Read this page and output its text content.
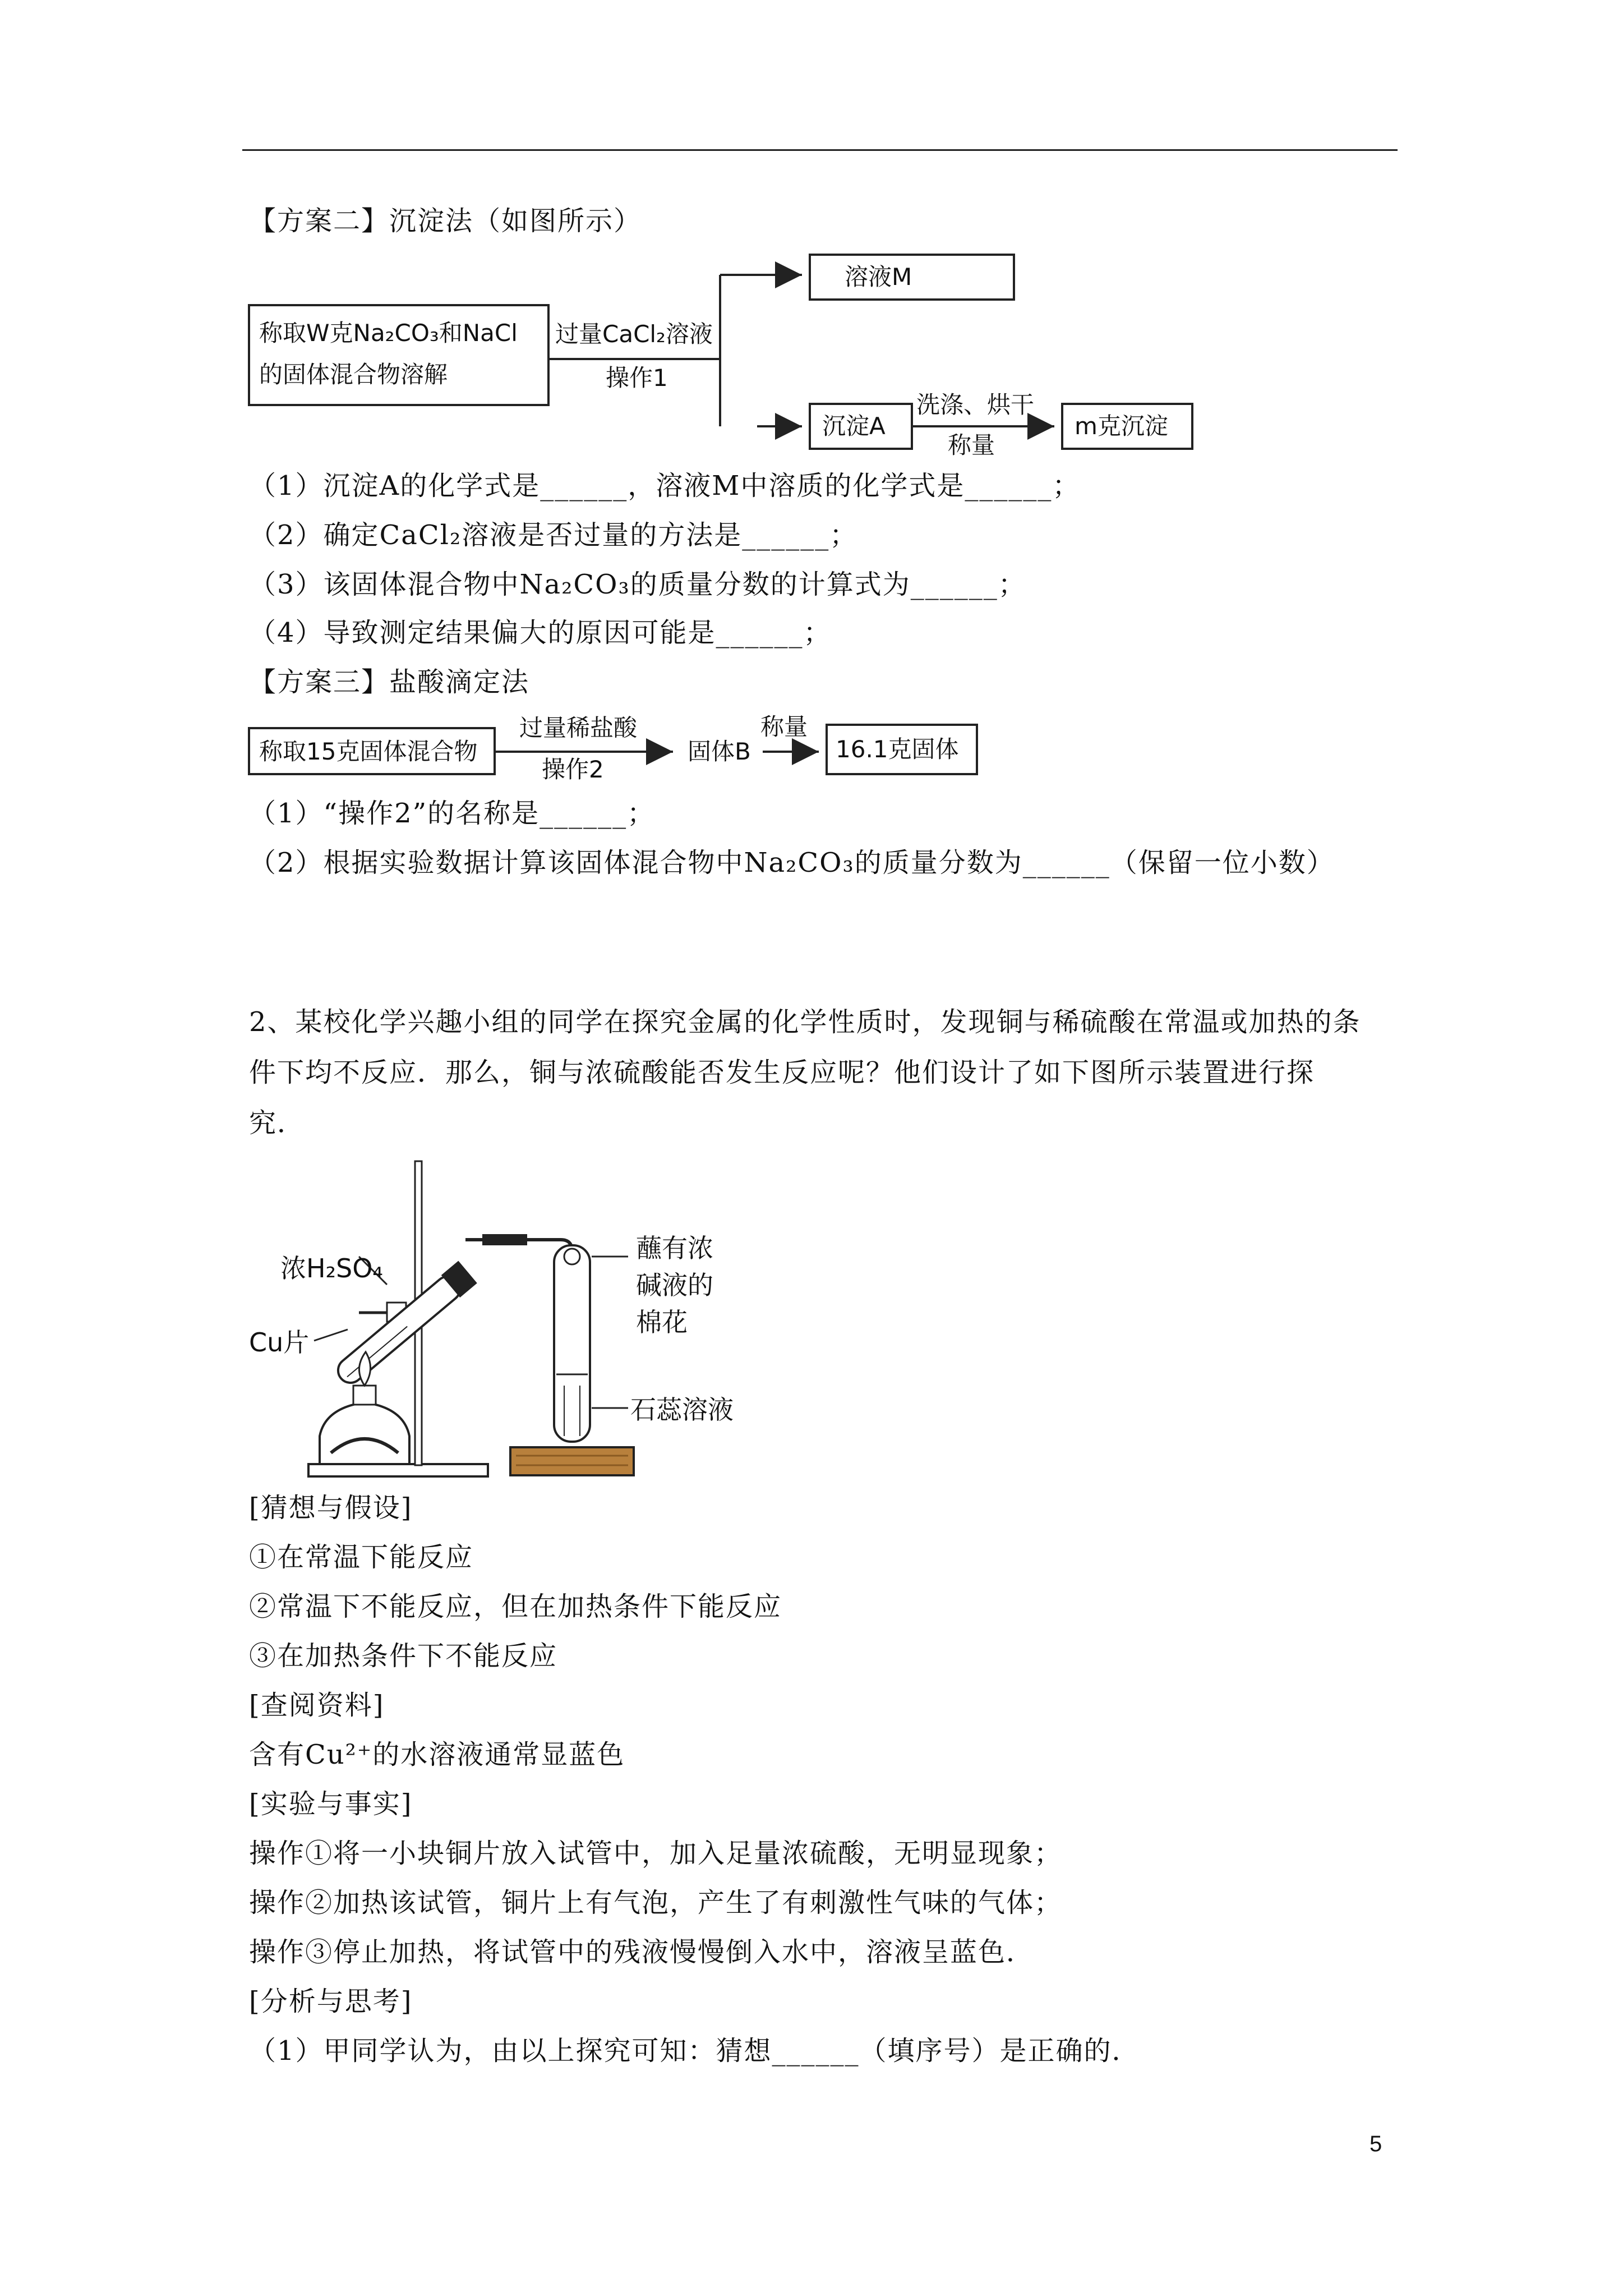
【方案二】沉淀法（如图所示）
称取W克Na₂CO₃和NaCl
的固体混合物溶解
过量CaCl₂溶液
操作1
溶液M
沉淀A
洗涤、烘干
称量
m克沉淀
（1）沉淀A的化学式是______，溶液M中溶质的化学式是______；
（2）确定CaCl₂溶液是否过量的方法是______；
（3）该固体混合物中Na₂CO₃的质量分数的计算式为______；
（4）导致测定结果偏大的原因可能是______；
【方案三】盐酸滴定法
称取15克固体混合物
过量稀盐酸
操作2
固体B
称量
16.1克固体
（1）“操作2”的名称是______；
（2）根据实验数据计算该固体混合物中Na₂CO₃的质量分数为______（保留一位小数）
2、某校化学兴趣小组的同学在探究金属的化学性质时，发现铜与稀硫酸在常温或加热的条
件下均不反应．那么，铜与浓硫酸能否发生反应呢？他们设计了如下图所示装置进行探
究．
浓H₂SO₄
Cu片
蘸有浓
碱液的
棉花
石蕊溶液
[猜想与假设]
①在常温下能反应
②常温下不能反应，但在加热条件下能反应
③在加热条件下不能反应
[查阅资料]
含有Cu²⁺的水溶液通常显蓝色
[实验与事实]
操作①将一小块铜片放入试管中，加入足量浓硫酸，无明显现象；
操作②加热该试管，铜片上有气泡，产生了有刺激性气味的气体；
操作③停止加热，将试管中的残液慢慢倒入水中，溶液呈蓝色．
[分析与思考]
（1）甲同学认为，由以上探究可知：猜想______（填序号）是正确的．
5
